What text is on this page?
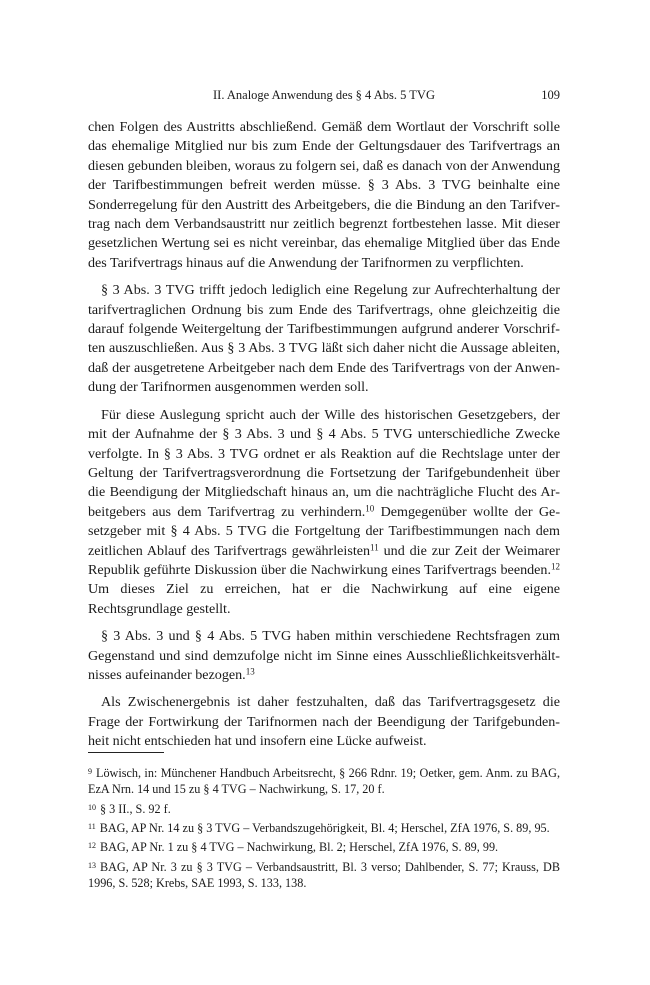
II. Analoge Anwendung des § 4 Abs. 5 TVG	109

chen Folgen des Austritts abschließend. Gemäß dem Wortlaut der Vorschrift solle das ehemalige Mitglied nur bis zum Ende der Geltungsdauer des Tarifvertrags an diesen gebunden bleiben, woraus zu folgern sei, daß es danach von der Anwendung der Tarifbestimmungen befreit werden müsse. § 3 Abs. 3 TVG beinhalte eine Sonderregelung für den Austritt des Arbeitgebers, die die Bindung an den Tarifvertrag nach dem Verbandsaustritt nur zeitlich begrenzt fortbestehen lasse. Mit dieser gesetzlichen Wertung sei es nicht vereinbar, das ehemalige Mitglied über das Ende des Tarifvertrags hinaus auf die Anwendung der Tarifnormen zu verpflichten.

§ 3 Abs. 3 TVG trifft jedoch lediglich eine Regelung zur Aufrechterhaltung der tarifvertraglichen Ordnung bis zum Ende des Tarifvertrags, ohne gleichzeitig die darauf folgende Weitergeltung der Tarifbestimmungen aufgrund anderer Vorschriften auszuschließen. Aus § 3 Abs. 3 TVG läßt sich daher nicht die Aussage ableiten, daß der ausgetretene Arbeitgeber nach dem Ende des Tarifvertrags von der Anwendung der Tarifnormen ausgenommen werden soll.

Für diese Auslegung spricht auch der Wille des historischen Gesetzgebers, der mit der Aufnahme der § 3 Abs. 3 und § 4 Abs. 5 TVG unterschiedliche Zwecke verfolgte. In § 3 Abs. 3 TVG ordnet er als Reaktion auf die Rechtslage unter der Geltung der Tarifvertragsverordnung die Fortsetzung der Tarifgebundenheit über die Beendigung der Mitgliedschaft hinaus an, um die nachträgliche Flucht des Arbeitgebers aus dem Tarifvertrag zu verhindern.$^{10}$ Demgegenüber wollte der Gesetzgeber mit § 4 Abs. 5 TVG die Fortgeltung der Tarifbestimmungen nach dem zeitlichen Ablauf des Tarifvertrags gewährleisten$^{11}$ und die zur Zeit der Weimarer Republik geführte Diskussion über die Nachwirkung eines Tarifvertrags beenden.$^{12}$ Um dieses Ziel zu erreichen, hat er die Nachwirkung auf eine eigene Rechtsgrundlage gestellt.

§ 3 Abs. 3 und § 4 Abs. 5 TVG haben mithin verschiedene Rechtsfragen zum Gegenstand und sind demzufolge nicht im Sinne eines Ausschließlichkeitsverhältnisses aufeinander bezogen.$^{13}$

Als Zwischenergebnis ist daher festzuhalten, daß das Tarifvertragsgesetz die Frage der Fortwirkung der Tarifnormen nach der Beendigung der Tarifgebundenheit nicht entschieden hat und insofern eine Lücke aufweist.

$^9$ Löwisch, in: Münchener Handbuch Arbeitsrecht, § 266 Rdnr. 19; Oetker, gem. Anm. zu BAG, EzA Nrn. 14 und 15 zu § 4 TVG – Nachwirkung, S. 17, 20 f.
$^{10}$ § 3 II., S. 92 f.
$^{11}$ BAG, AP Nr. 14 zu § 3 TVG – Verbandszugehörigkeit, Bl. 4; Herschel, ZfA 1976, S. 89, 95.
$^{12}$ BAG, AP Nr. 1 zu § 4 TVG – Nachwirkung, Bl. 2; Herschel, ZfA 1976, S. 89, 99.
$^{13}$ BAG, AP Nr. 3 zu § 3 TVG – Verbandsaustritt, Bl. 3 verso; Dahlbender, S. 77; Krauss, DB 1996, S. 528; Krebs, SAE 1993, S. 133, 138.
